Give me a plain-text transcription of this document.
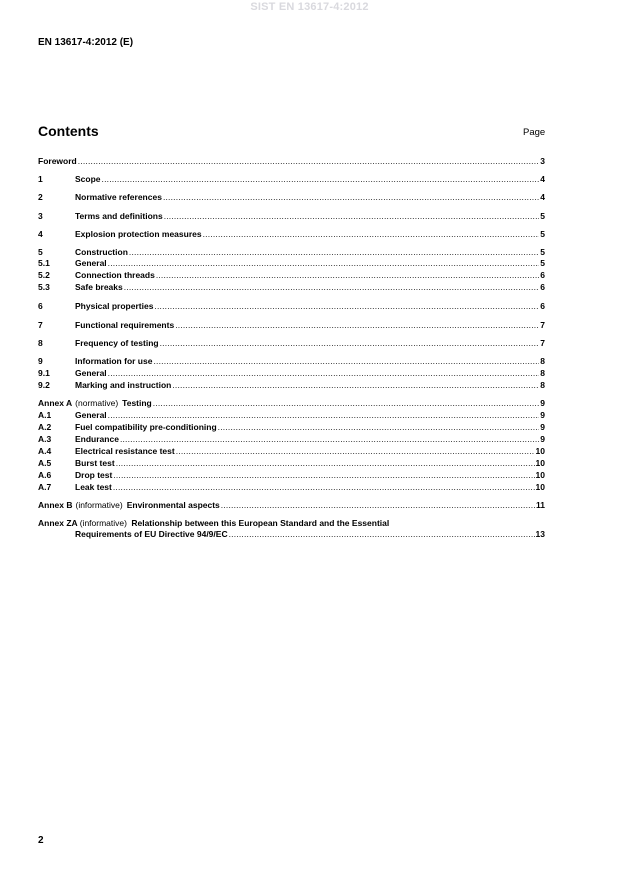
SIST EN 13617-4:2012
EN 13617-4:2012 (E)
Contents	Page
Foreword .....	3
1	Scope .....	4
2	Normative references .....	4
3	Terms and definitions .....	5
4	Explosion protection measures .....	5
5	Construction .....	5
5.1	General .....	5
5.2	Connection threads .....	6
5.3	Safe breaks .....	6
6	Physical properties .....	6
7	Functional requirements .....	7
8	Frequency of testing .....	7
9	Information for use .....	8
9.1	General .....	8
9.2	Marking and instruction .....	8
Annex A (normative) Testing .....	9
A.1	General .....	9
A.2	Fuel compatibility pre-conditioning .....	9
A.3	Endurance .....	9
A.4	Electrical resistance test .....	10
A.5	Burst test .....	10
A.6	Drop test .....	10
A.7	Leak test .....	10
Annex B (informative) Environmental aspects .....	11
Annex ZA (informative) Relationship between this European Standard and the Essential
Requirements of EU Directive 94/9/EC .....	13
2
